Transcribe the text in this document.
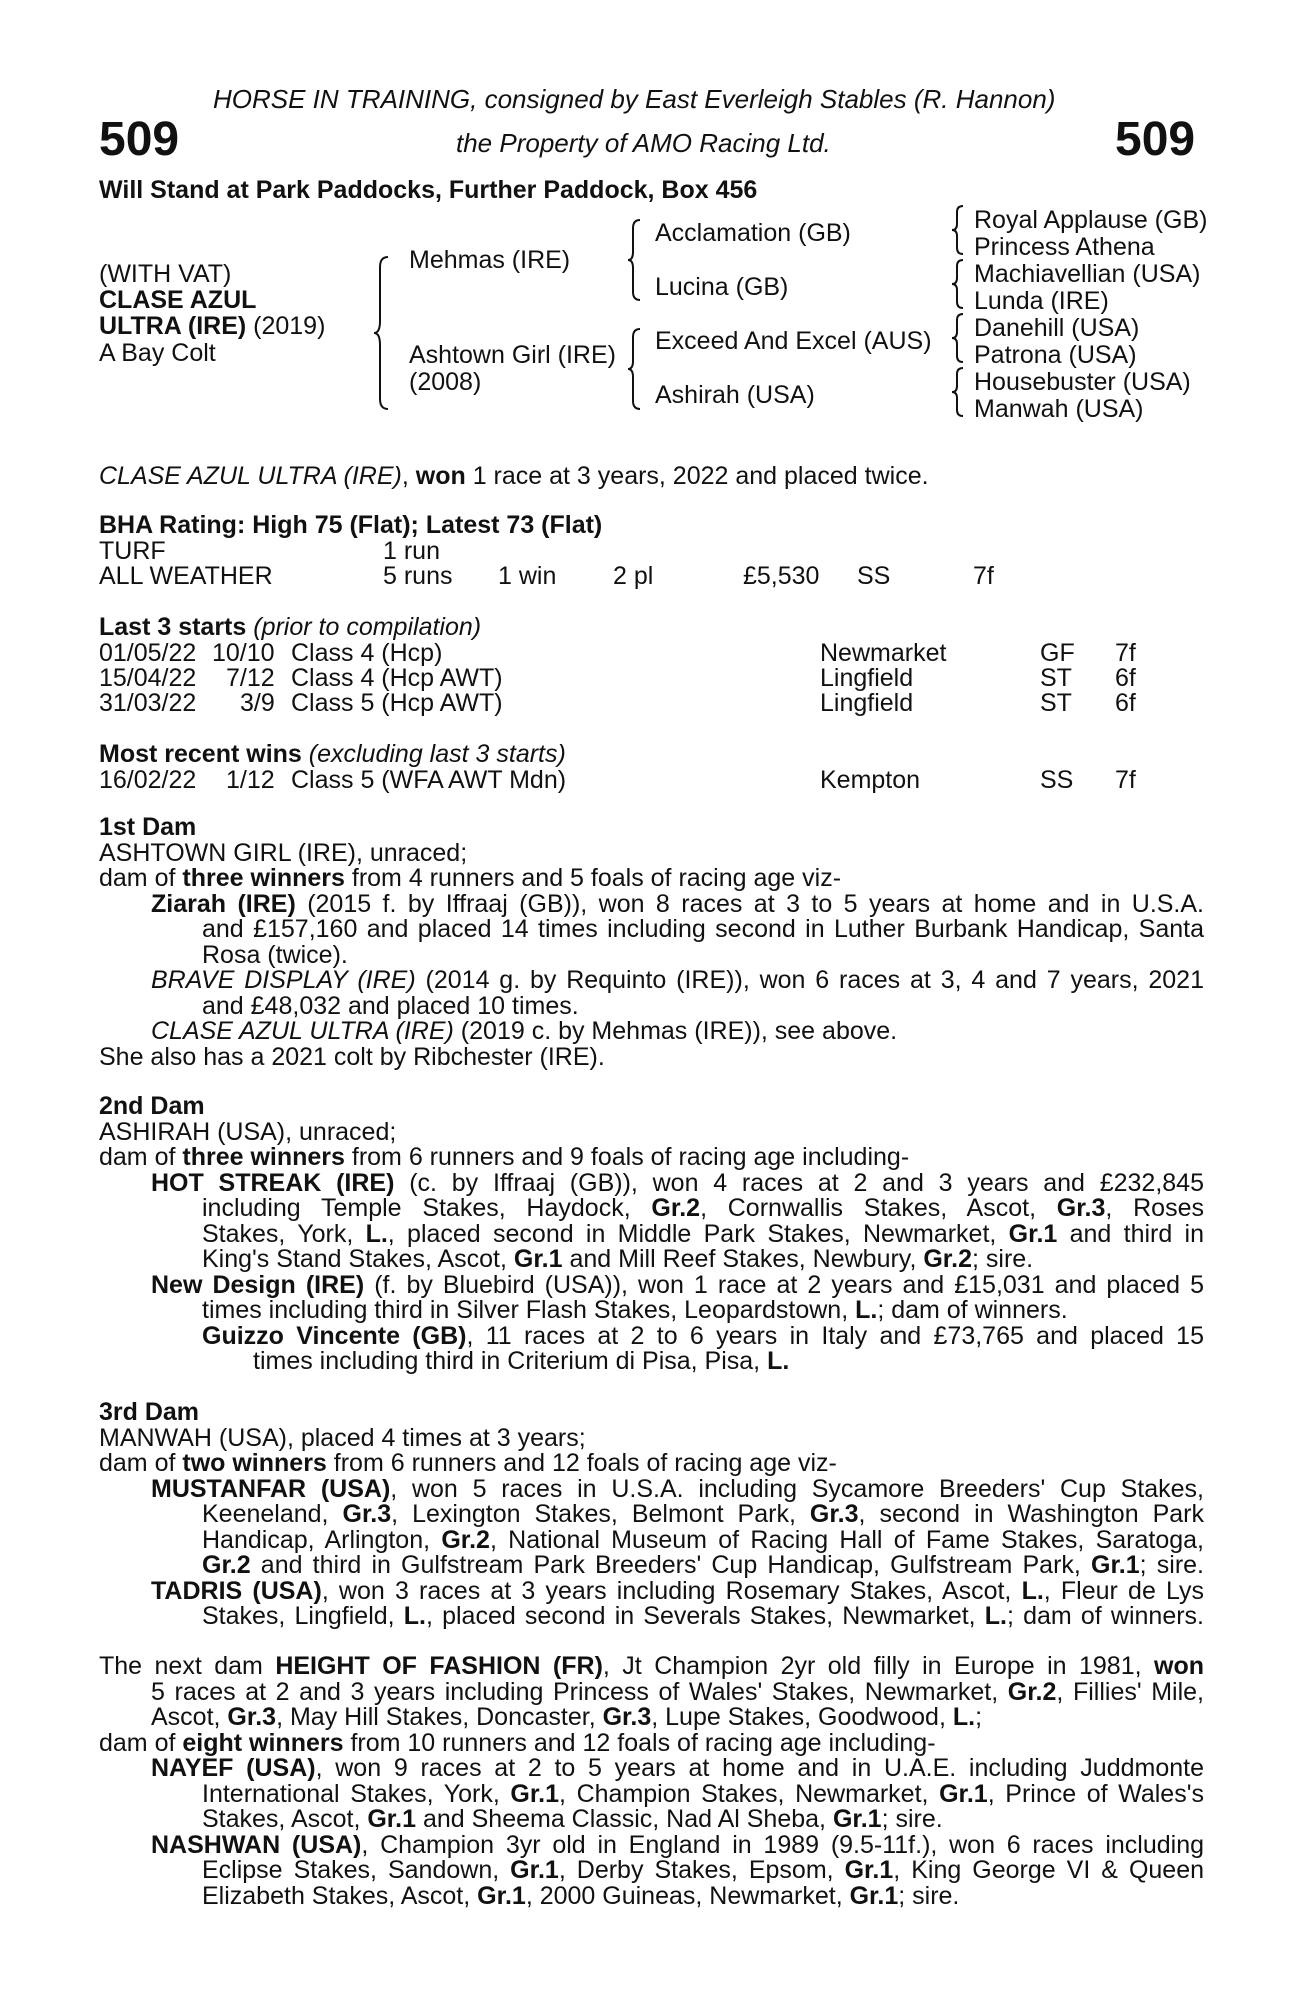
HORSE IN TRAINING, consigned by East Everleigh Stables (R. Hannon)
509	the Property of AMO Racing Ltd.	509
Will Stand at Park Paddocks, Further Paddock, Box 456
(WITH VAT)
CLASE AZUL
ULTRA (IRE) (2019)
A Bay Colt
Mehmas (IRE)
Ashtown Girl (IRE)
(2008)
Acclamation (GB)
Lucina (GB)
Exceed And Excel (AUS)
Ashirah (USA)
Royal Applause (GB)
Princess Athena
Machiavellian (USA)
Lunda (IRE)
Danehill (USA)
Patrona (USA)
Housebuster (USA)
Manwah (USA)
CLASE AZUL ULTRA (IRE), won 1 race at 3 years, 2022 and placed twice.
BHA Rating: High 75 (Flat); Latest 73 (Flat)
TURF	1 run
ALL WEATHER	5 runs 1 win 2 pl	£5,530 SS	7f
Last 3 starts (prior to compilation)
01/05/22 10/10 Class 4 (Hcp)	Newmarket	GF 7f
15/04/22 7/12 Class 4 (Hcp AWT)	Lingfield	ST 6f
31/03/22 3/9 Class 5 (Hcp AWT)	Lingfield	ST 6f
Most recent wins (excluding last 3 starts)
16/02/22 1/12 Class 5 (WFA AWT Mdn)	Kempton	SS 7f
1st Dam
ASHTOWN GIRL (IRE), unraced;
dam of three winners from 4 runners and 5 foals of racing age viz-
Ziarah (IRE) (2015 f. by Iffraaj (GB)), won 8 races at 3 to 5 years at home and in U.S.A.
and £157,160 and placed 14 times including second in Luther Burbank Handicap, Santa
Rosa (twice).
BRAVE DISPLAY (IRE) (2014 g. by Requinto (IRE)), won 6 races at 3, 4 and 7 years, 2021
and £48,032 and placed 10 times.
CLASE AZUL ULTRA (IRE) (2019 c. by Mehmas (IRE)), see above.
She also has a 2021 colt by Ribchester (IRE).
2nd Dam
ASHIRAH (USA), unraced;
dam of three winners from 6 runners and 9 foals of racing age including-
HOT STREAK (IRE) (c. by Iffraaj (GB)), won 4 races at 2 and 3 years and £232,845
including Temple Stakes, Haydock, Gr.2, Cornwallis Stakes, Ascot, Gr.3, Roses
Stakes, York, L., placed second in Middle Park Stakes, Newmarket, Gr.1 and third in
King's Stand Stakes, Ascot, Gr.1 and Mill Reef Stakes, Newbury, Gr.2; sire.
New Design (IRE) (f. by Bluebird (USA)), won 1 race at 2 years and £15,031 and placed 5
times including third in Silver Flash Stakes, Leopardstown, L.; dam of winners.
Guizzo Vincente (GB), 11 races at 2 to 6 years in Italy and £73,765 and placed 15
times including third in Criterium di Pisa, Pisa, L.
3rd Dam
MANWAH (USA), placed 4 times at 3 years;
dam of two winners from 6 runners and 12 foals of racing age viz-
MUSTANFAR (USA), won 5 races in U.S.A. including Sycamore Breeders' Cup Stakes,
Keeneland, Gr.3, Lexington Stakes, Belmont Park, Gr.3, second in Washington Park
Handicap, Arlington, Gr.2, National Museum of Racing Hall of Fame Stakes, Saratoga,
Gr.2 and third in Gulfstream Park Breeders' Cup Handicap, Gulfstream Park, Gr.1; sire.
TADRIS (USA), won 3 races at 3 years including Rosemary Stakes, Ascot, L., Fleur de Lys
Stakes, Lingfield, L., placed second in Severals Stakes, Newmarket, L.; dam of winners.
The next dam HEIGHT OF FASHION (FR), Jt Champion 2yr old filly in Europe in 1981, won
5 races at 2 and 3 years including Princess of Wales' Stakes, Newmarket, Gr.2, Fillies' Mile,
Ascot, Gr.3, May Hill Stakes, Doncaster, Gr.3, Lupe Stakes, Goodwood, L.;
dam of eight winners from 10 runners and 12 foals of racing age including-
NAYEF (USA), won 9 races at 2 to 5 years at home and in U.A.E. including Juddmonte
International Stakes, York, Gr.1, Champion Stakes, Newmarket, Gr.1, Prince of Wales's
Stakes, Ascot, Gr.1 and Sheema Classic, Nad Al Sheba, Gr.1; sire.
NASHWAN (USA), Champion 3yr old in England in 1989 (9.5-11f.), won 6 races including
Eclipse Stakes, Sandown, Gr.1, Derby Stakes, Epsom, Gr.1, King George VI & Queen
Elizabeth Stakes, Ascot, Gr.1, 2000 Guineas, Newmarket, Gr.1; sire.
